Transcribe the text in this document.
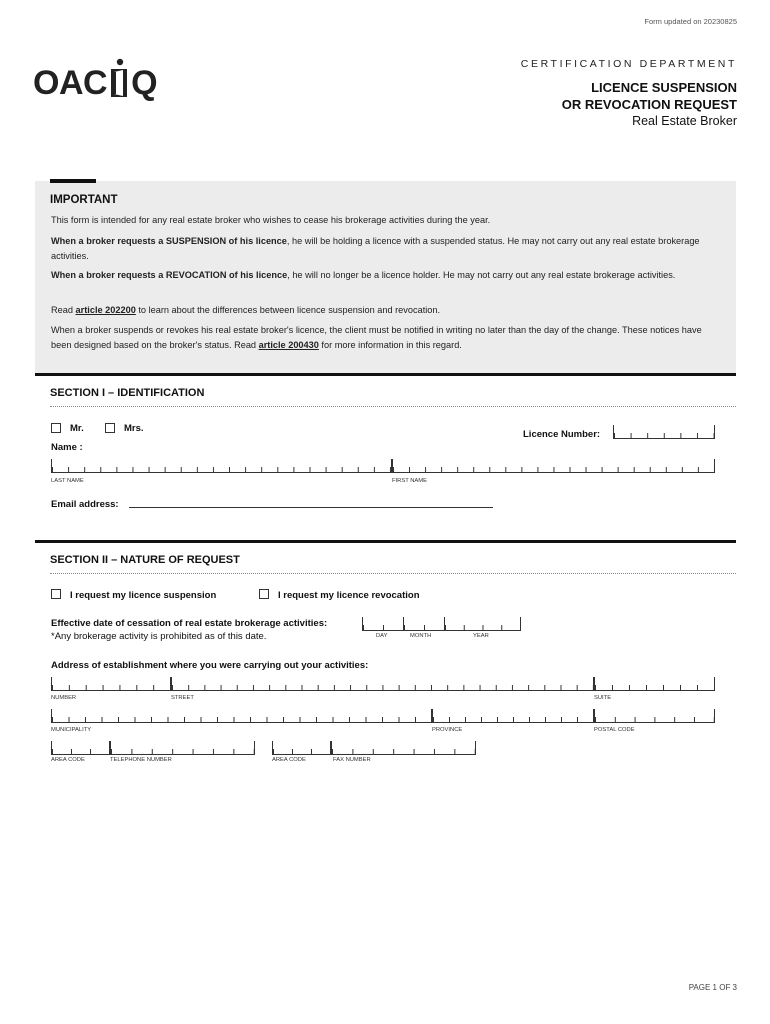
Form updated on 20230825
OAC Q	CERTIFICATION DEPARTMENT
LICENCE SUSPENSION
OR REVOCATION REQUEST
Real Estate Broker
IMPORTANT
This form is intended for any real estate broker who wishes to cease his brokerage activities during the year.
When a broker requests a SUSPENSION of his licence, he will be holding a licence with a suspended status. He may not carry out any real estate brokerage activities.
When a broker requests a REVOCATION of his licence, he will no longer be a licence holder. He may not carry out any real estate brokerage activities.
Read article 202200 to learn about the differences between licence suspension and revocation.
When a broker suspends or revokes his real estate broker's licence, the client must be notified in writing no later than the day of the change. These notices have been designed based on the broker's status. Read article 200430 for more information in this regard.
SECTION I – IDENTIFICATION
Mr.	Mrs.
Name :
Licence Number:
LAST NAME	FIRST NAME
Email address:
SECTION II – NATURE OF REQUEST
I request my licence suspension	I request my licence revocation
Effective date of cessation of real estate brokerage activities:
*Any brokerage activity is prohibited as of this date.	DAY	MONTH	YEAR
Address of establishment where you were carrying out your activities:
NUMBER	STREET	SUITE
MUNICIPALITY	PROVINCE	POSTAL CODE
AREA CODE	TELEPHONE NUMBER	AREA CODE	FAX NUMBER
PAGE 1 OF 3
